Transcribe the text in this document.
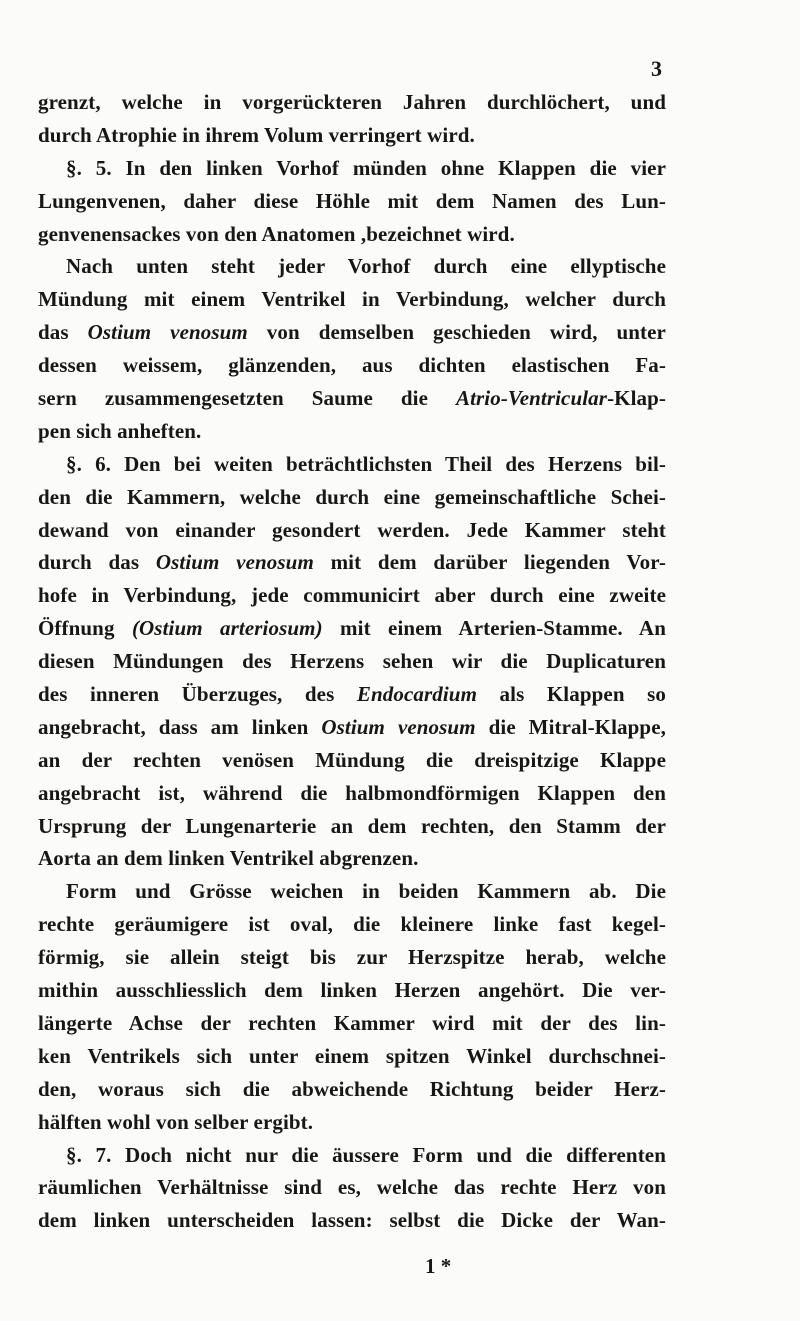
3
grenzt, welche in vorgerückteren Jahren durchlöchert, und
durch Atrophie in ihrem Volum verringert wird.
§. 5. In den linken Vorhof münden ohne Klappen die vier
Lungenvenen, daher diese Höhle mit dem Namen des Lun-
genvenensackes von den Anatomen ,bezeichnet wird.
Nach unten steht jeder Vorhof durch eine ellyptische
Mündung mit einem Ventrikel in Verbindung, welcher durch
das Ostium venosum von demselben geschieden wird, unter
dessen weissem, glänzenden, aus dichten elastischen Fa-
sern zusammengesetzten Saume die Atrio-Ventricular-Klap-
pen sich anheften.
§. 6. Den bei weiten beträchtlichsten Theil des Herzens bil-
den die Kammern, welche durch eine gemeinschaftliche Schei-
dewand von einander gesondert werden. Jede Kammer steht
durch das Ostium venosum mit dem darüber liegenden Vor-
hofe in Verbindung, jede communicirt aber durch eine zweite
Öffnung (Ostium arteriosum) mit einem Arterien-Stamme. An
diesen Mündungen des Herzens sehen wir die Duplicaturen
des inneren Überzuges, des Endocardium als Klappen so
angebracht, dass am linken Ostium venosum die Mitral-Klappe,
an der rechten venösen Mündung die dreispitzige Klappe
angebracht ist, während die halbmondförmigen Klappen den
Ursprung der Lungenarterie an dem rechten, den Stamm der
Aorta an dem linken Ventrikel abgrenzen.
Form und Grösse weichen in beiden Kammern ab. Die
rechte geräumigere ist oval, die kleinere linke fast kegel-
förmig, sie allein steigt bis zur Herzspitze herab, welche
mithin ausschliesslich dem linken Herzen angehört. Die ver-
längerte Achse der rechten Kammer wird mit der des lin-
ken Ventrikels sich unter einem spitzen Winkel durchschnei-
den, woraus sich die abweichende Richtung beider Herz-
hälften wohl von selber ergibt.
§. 7. Doch nicht nur die äussere Form und die differenten
räumlichen Verhältnisse sind es, welche das rechte Herz von
dem linken unterscheiden lassen: selbst die Dicke der Wan-
1 *
